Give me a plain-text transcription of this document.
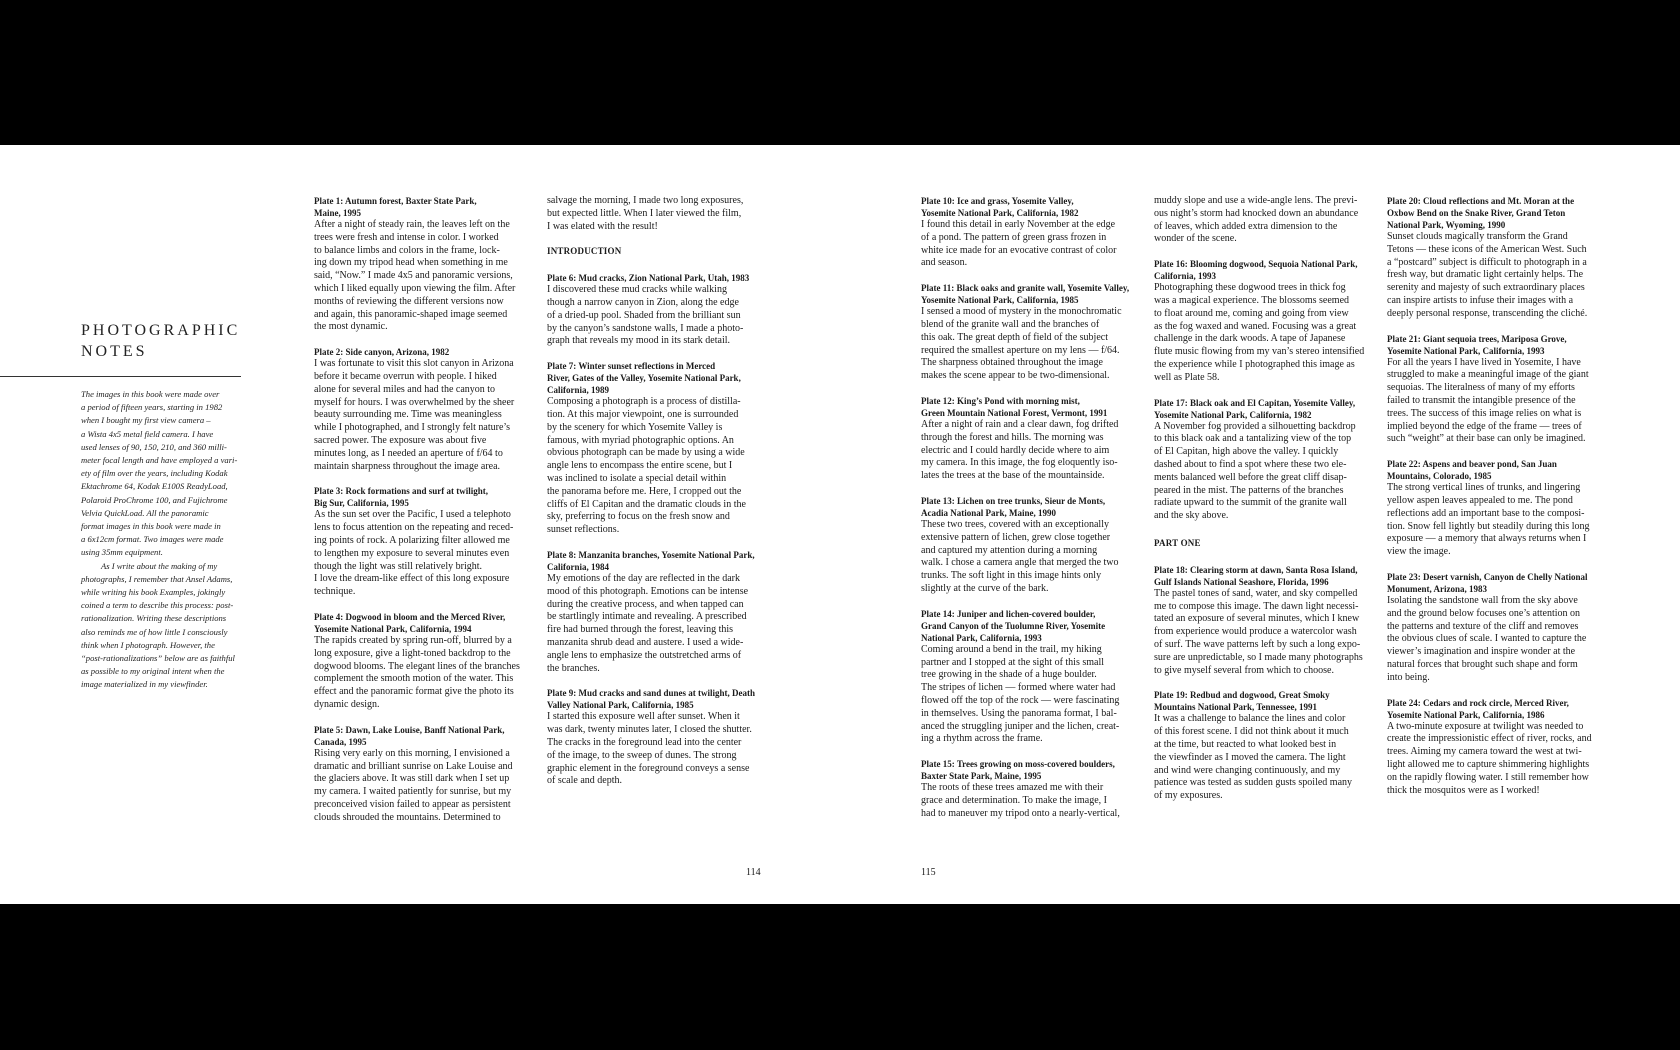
PHOTOGRAPHIC
NOTES

The images in this book were made over
a period of fifteen years, starting in 1982
when I bought my first view camera –
a Wista 4x5 metal field camera. I have
used lenses of 90, 150, 210, and 360 milli-
meter focal length and have employed a vari-
ety of film over the years, including Kodak
Ektachrome 64, Kodak E100S ReadyLoad,
Polaroid ProChrome 100, and Fujichrome
Velvia QuickLoad. All the panoramic
format images in this book were made in
a 6x12cm format. Two images were made
using 35mm equipment.

As I write about the making of my
photographs, I remember that Ansel Adams,
while writing his book Examples, jokingly
coined a term to describe this process: post-
rationalization. Writing these descriptions
also reminds me of how little I consciously
think when I photograph. However, the
“post-rationalizations” below are as faithful
as possible to my original intent when the
image materialized in my viewfinder.

Plate 1: Autumn forest, Baxter State Park,
Maine, 1995
After a night of steady rain, the leaves left on the
trees were fresh and intense in color. I worked
to balance limbs and colors in the frame, lock-
ing down my tripod head when something in me
said, “Now.” I made 4x5 and panoramic versions,
which I liked equally upon viewing the film. After
months of reviewing the different versions now
and again, this panoramic-shaped image seemed
the most dynamic.
Plate 2: Side canyon, Arizona, 1982
I was fortunate to visit this slot canyon in Arizona
before it became overrun with people. I hiked
alone for several miles and had the canyon to
myself for hours. I was overwhelmed by the sheer
beauty surrounding me. Time was meaningless
while I photographed, and I strongly felt nature’s
sacred power. The exposure was about five
minutes long, as I needed an aperture of f/64 to
maintain sharpness throughout the image area.
Plate 3: Rock formations and surf at twilight,
Big Sur, California, 1995
As the sun set over the Pacific, I used a telephoto
lens to focus attention on the repeating and reced-
ing points of rock. A polarizing filter allowed me
to lengthen my exposure to several minutes even
though the light was still relatively bright.
I love the dream-like effect of this long exposure
technique.
Plate 4: Dogwood in bloom and the Merced River,
Yosemite National Park, California, 1994
The rapids created by spring run-off, blurred by a
long exposure, give a light-toned backdrop to the
dogwood blooms. The elegant lines of the branches
complement the smooth motion of the water. This
effect and the panoramic format give the photo its
dynamic design.
Plate 5: Dawn, Lake Louise, Banff National Park,
Canada, 1995
Rising very early on this morning, I envisioned a
dramatic and brilliant sunrise on Lake Louise and
the glaciers above. It was still dark when I set up
my camera. I waited patiently for sunrise, but my
preconceived vision failed to appear as persistent
clouds shrouded the mountains. Determined to
salvage the morning, I made two long exposures,
but expected little. When I later viewed the film,
I was elated with the result!
INTRODUCTION
Plate 6: Mud cracks, Zion National Park, Utah, 1983
I discovered these mud cracks while walking
though a narrow canyon in Zion, along the edge
of a dried-up pool. Shaded from the brilliant sun
by the canyon’s sandstone walls, I made a photo-
graph that reveals my mood in its stark detail.
Plate 7: Winter sunset reflections in Merced
River, Gates of the Valley, Yosemite National Park,
California, 1989
Composing a photograph is a process of distilla-
tion. At this major viewpoint, one is surrounded
by the scenery for which Yosemite Valley is
famous, with myriad photographic options. An
obvious photograph can be made by using a wide
angle lens to encompass the entire scene, but I
was inclined to isolate a special detail within
the panorama before me. Here, I cropped out the
cliffs of El Capitan and the dramatic clouds in the
sky, preferring to focus on the fresh snow and
sunset reflections.
Plate 8: Manzanita branches, Yosemite National Park,
California, 1984
My emotions of the day are reflected in the dark
mood of this photograph. Emotions can be intense
during the creative process, and when tapped can
be startlingly intimate and revealing. A prescribed
fire had burned through the forest, leaving this
manzanita shrub dead and austere. I used a wide-
angle lens to emphasize the outstretched arms of
the branches.
Plate 9: Mud cracks and sand dunes at twilight, Death
Valley National Park, California, 1985
I started this exposure well after sunset. When it
was dark, twenty minutes later, I closed the shutter.
The cracks in the foreground lead into the center
of the image, to the sweep of dunes. The strong
graphic element in the foreground conveys a sense
of scale and depth.
114
Plate 10: Ice and grass, Yosemite Valley,
Yosemite National Park, California, 1982
I found this detail in early November at the edge
of a pond. The pattern of green grass frozen in
white ice made for an evocative contrast of color
and season.
Plate 11: Black oaks and granite wall, Yosemite Valley,
Yosemite National Park, California, 1985
I sensed a mood of mystery in the monochromatic
blend of the granite wall and the branches of
this oak. The great depth of field of the subject
required the smallest aperture on my lens — f/64.
The sharpness obtained throughout the image
makes the scene appear to be two-dimensional.
Plate 12: King’s Pond with morning mist,
Green Mountain National Forest, Vermont, 1991
After a night of rain and a clear dawn, fog drifted
through the forest and hills. The morning was
electric and I could hardly decide where to aim
my camera. In this image, the fog eloquently iso-
lates the trees at the base of the mountainside.
Plate 13: Lichen on tree trunks, Sieur de Monts,
Acadia National Park, Maine, 1990
These two trees, covered with an exceptionally
extensive pattern of lichen, grew close together
and captured my attention during a morning
walk. I chose a camera angle that merged the two
trunks. The soft light in this image hints only
slightly at the curve of the bark.
Plate 14: Juniper and lichen-covered boulder,
Grand Canyon of the Tuolumne River, Yosemite
National Park, California, 1993
Coming around a bend in the trail, my hiking
partner and I stopped at the sight of this small
tree growing in the shade of a huge boulder.
The stripes of lichen — formed where water had
flowed off the top of the rock — were fascinating
in themselves. Using the panorama format, I bal-
anced the struggling juniper and the lichen, creat-
ing a rhythm across the frame.
Plate 15: Trees growing on moss-covered boulders,
Baxter State Park, Maine, 1995
The roots of these trees amazed me with their
grace and determination. To make the image, I
had to maneuver my tripod onto a nearly-vertical,
muddy slope and use a wide-angle lens. The previ-
ous night’s storm had knocked down an abundance
of leaves, which added extra dimension to the
wonder of the scene.
Plate 16: Blooming dogwood, Sequoia National Park,
California, 1993
Photographing these dogwood trees in thick fog
was a magical experience. The blossoms seemed
to float around me, coming and going from view
as the fog waxed and waned. Focusing was a great
challenge in the dark woods. A tape of Japanese
flute music flowing from my van’s stereo intensified
the experience while I photographed this image as
well as Plate 58.
Plate 17: Black oak and El Capitan, Yosemite Valley,
Yosemite National Park, California, 1982
A November fog provided a silhouetting backdrop
to this black oak and a tantalizing view of the top
of El Capitan, high above the valley. I quickly
dashed about to find a spot where these two ele-
ments balanced well before the great cliff disap-
peared in the mist. The patterns of the branches
radiate upward to the summit of the granite wall
and the sky above.
PART ONE
Plate 18: Clearing storm at dawn, Santa Rosa Island,
Gulf Islands National Seashore, Florida, 1996
The pastel tones of sand, water, and sky compelled
me to compose this image. The dawn light necessi-
tated an exposure of several minutes, which I knew
from experience would produce a watercolor wash
of surf. The wave patterns left by such a long expo-
sure are unpredictable, so I made many photographs
to give myself several from which to choose.
Plate 19: Redbud and dogwood, Great Smoky
Mountains National Park, Tennessee, 1991
It was a challenge to balance the lines and color
of this forest scene. I did not think about it much
at the time, but reacted to what looked best in
the viewfinder as I moved the camera. The light
and wind were changing continuously, and my
patience was tested as sudden gusts spoiled many
of my exposures.
Plate 20: Cloud reflections and Mt. Moran at the
Oxbow Bend on the Snake River, Grand Teton
National Park, Wyoming, 1990
Sunset clouds magically transform the Grand
Tetons — these icons of the American West. Such
a “postcard” subject is difficult to photograph in a
fresh way, but dramatic light certainly helps. The
serenity and majesty of such extraordinary places
can inspire artists to infuse their images with a
deeply personal response, transcending the cliché.
Plate 21: Giant sequoia trees, Mariposa Grove,
Yosemite National Park, California, 1993
For all the years I have lived in Yosemite, I have
struggled to make a meaningful image of the giant
sequoias. The literalness of many of my efforts
failed to transmit the intangible presence of the
trees. The success of this image relies on what is
implied beyond the edge of the frame — trees of
such “weight” at their base can only be imagined.
Plate 22: Aspens and beaver pond, San Juan
Mountains, Colorado, 1985
The strong vertical lines of trunks, and lingering
yellow aspen leaves appealed to me. The pond
reflections add an important base to the composi-
tion. Snow fell lightly but steadily during this long
exposure — a memory that always returns when I
view the image.
Plate 23: Desert varnish, Canyon de Chelly National
Monument, Arizona, 1983
Isolating the sandstone wall from the sky above
and the ground below focuses one’s attention on
the patterns and texture of the cliff and removes
the obvious clues of scale. I wanted to capture the
viewer’s imagination and inspire wonder at the
natural forces that brought such shape and form
into being.
Plate 24: Cedars and rock circle, Merced River,
Yosemite National Park, California, 1986
A two-minute exposure at twilight was needed to
create the impressionistic effect of river, rocks, and
trees. Aiming my camera toward the west at twi-
light allowed me to capture shimmering highlights
on the rapidly flowing water. I still remember how
thick the mosquitos were as I worked!
115
